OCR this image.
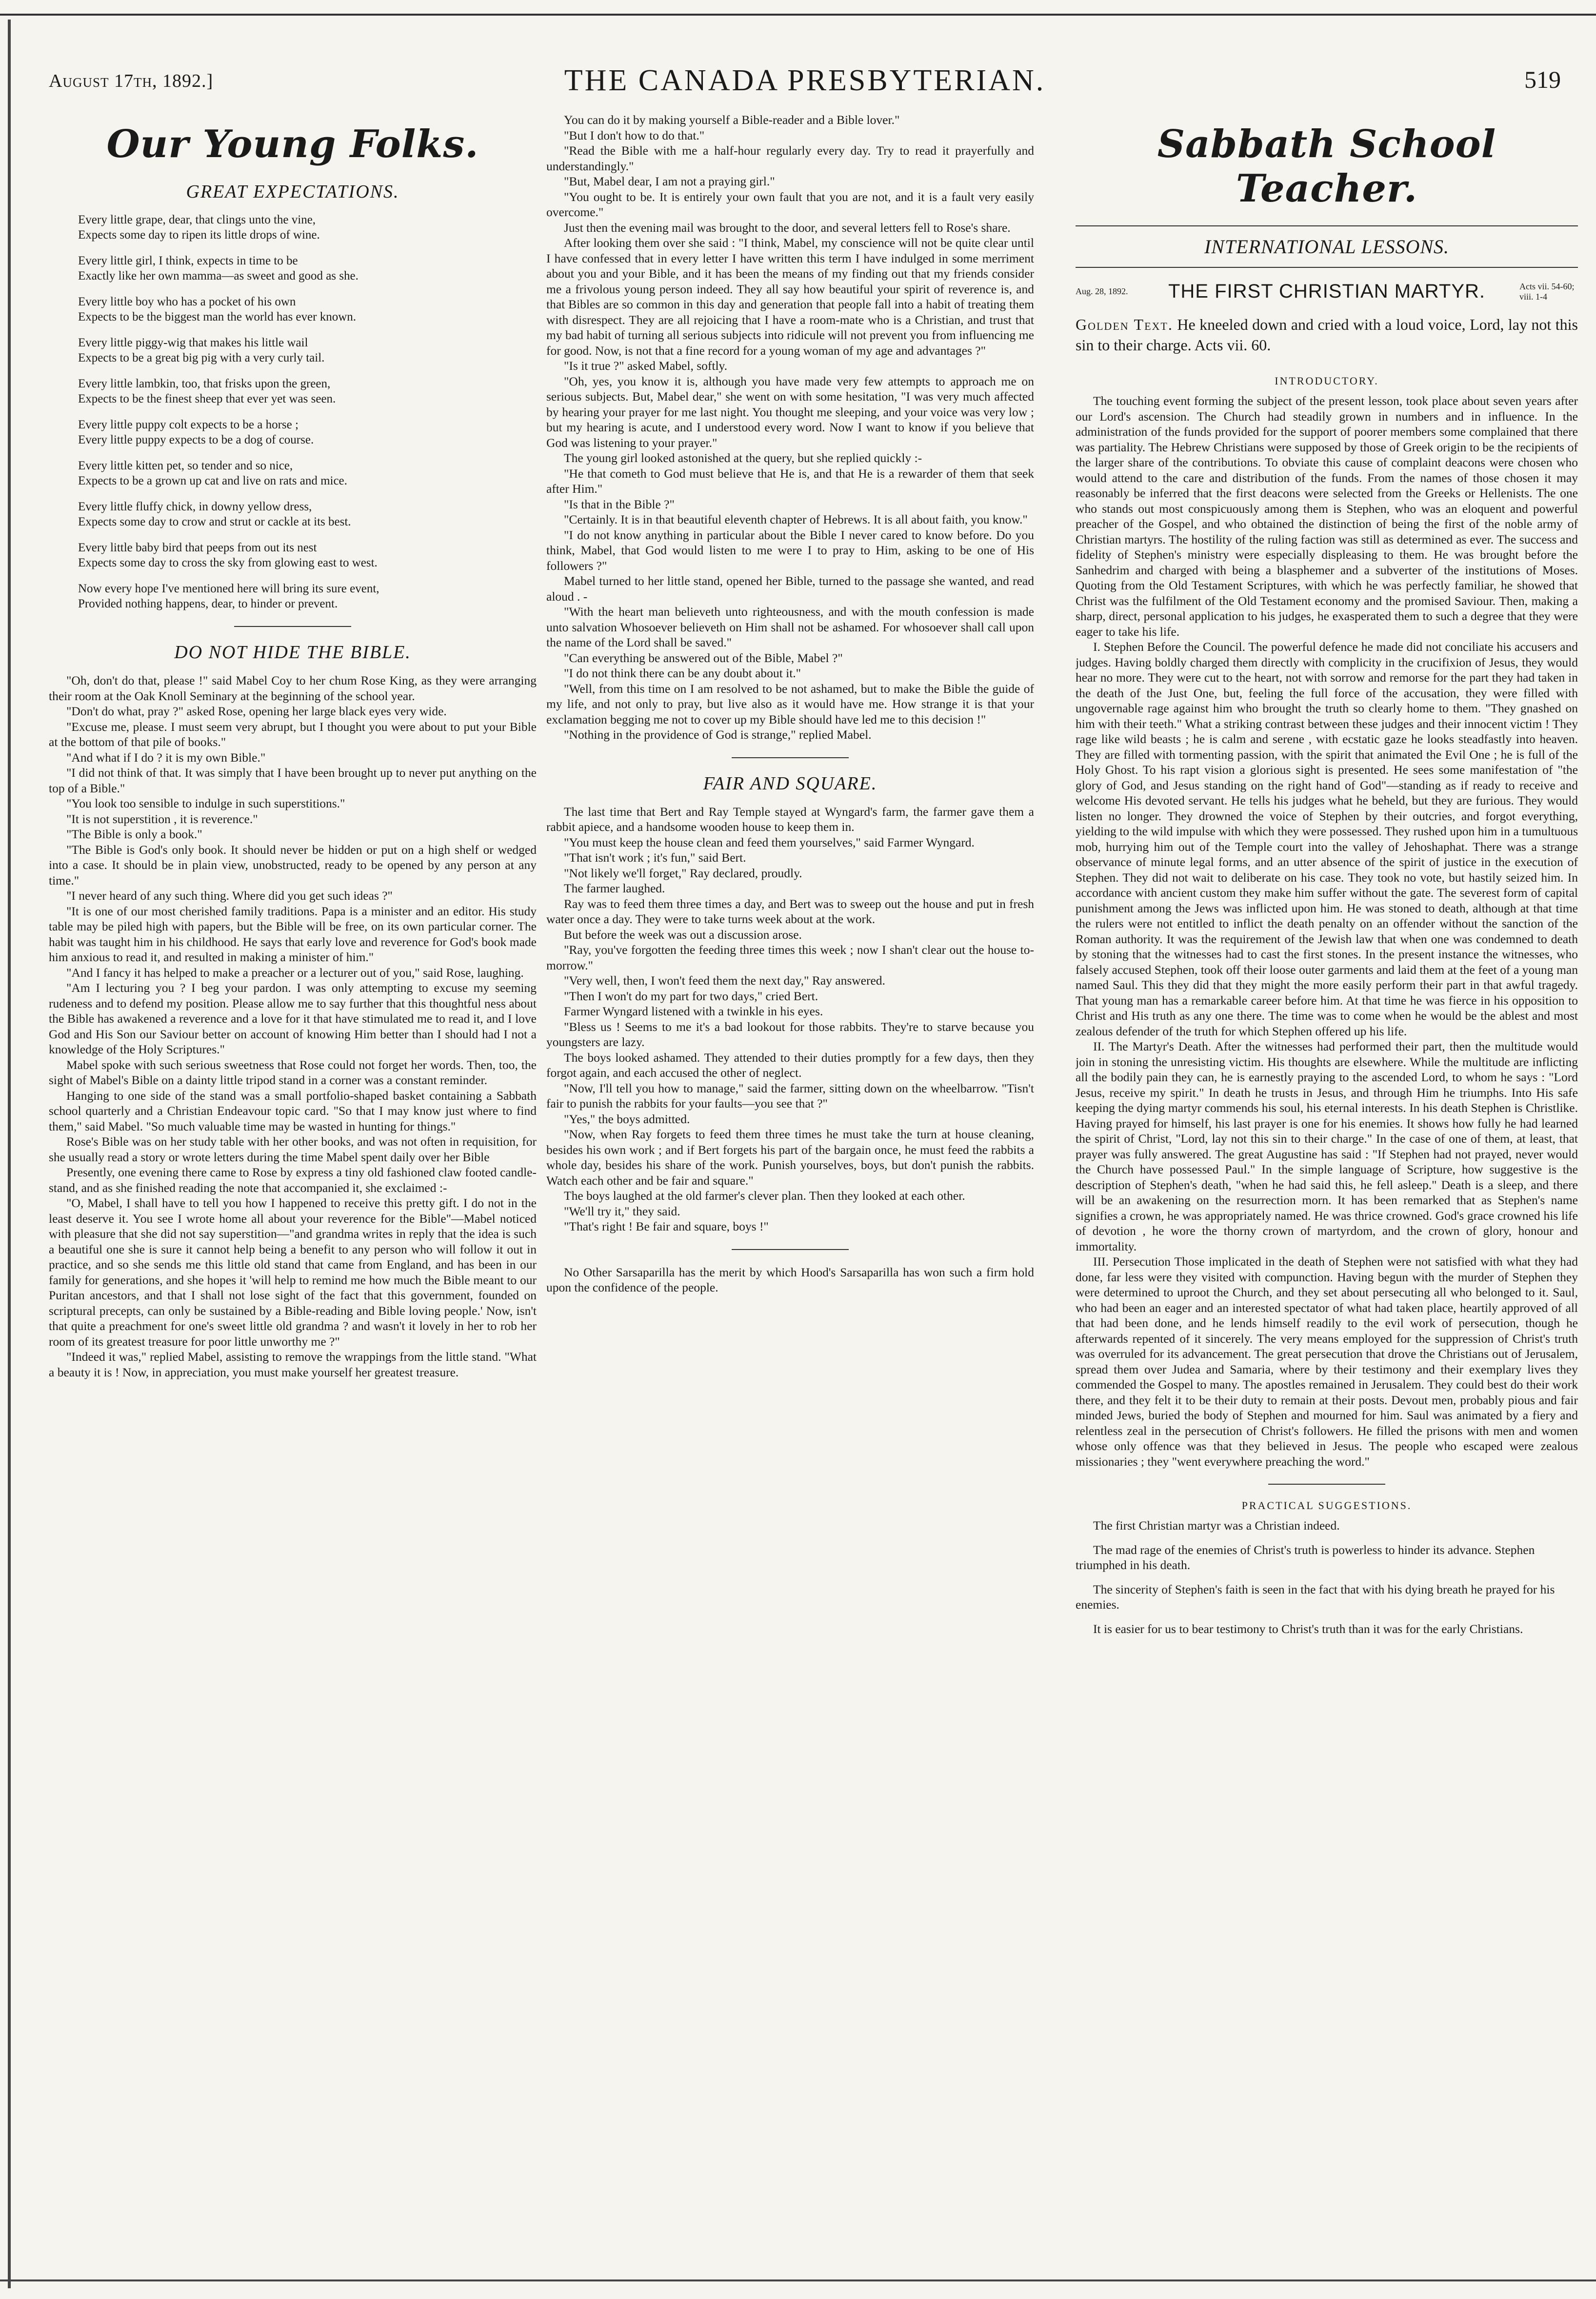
August 17th, 1892.]	THE CANADA PRESBYTERIAN.	519
Our Young Folks.
GREAT EXPECTATIONS.
Every little grape, dear, that clings unto the vine,
Expects some day to ripen its little drops of wine.
Every little girl, I think, expects in time to be
Exactly like her own mamma—as sweet and good as she.
Every little boy who has a pocket of his own
Expects to be the biggest man the world has ever known.
Every little piggy-wig that makes his little wail
Expects to be a great big pig with a very curly tail.
Every little lambkin, too, that frisks upon the green,
Expects to be the finest sheep that ever yet was seen.
Every little puppy colt expects to be a horse ;
Every little puppy expects to be a dog of course.
Every little kitten pet, so tender and so nice,
Expects to be a grown up cat and live on rats and mice.
Every little fluffy chick, in downy yellow dress,
Expects some day to crow and strut or cackle at its best.
Every little baby bird that peeps from out its nest
Expects some day to cross the sky from glowing east to west.
Now every hope I've mentioned here will bring its sure event,
Provided nothing happens, dear, to hinder or prevent.
DO NOT HIDE THE BIBLE.

"Oh, don't do that, please !" said Mabel Coy to her chum Rose King, as they were arranging their room at the Oak Knoll Seminary at the beginning of the school year.

"Don't do what, pray ?" asked Rose, opening her large black eyes very wide.

"Excuse me, please. I must seem very abrupt, but I thought you were about to put your Bible at the bottom of that pile of books."

"And what if I do ? it is my own Bible."

"I did not think of that. It was simply that I have been brought up to never put anything on the top of a Bible."

"You look too sensible to indulge in such superstitions."

"It is not superstition , it is reverence."

"The Bible is only a book."

"The Bible is God's only book. It should never be hidden or put on a high shelf or wedged into a case. It should be in plain view, unobstructed, ready to be opened by any person at any time."

"I never heard of any such thing. Where did you get such ideas ?"

"It is one of our most cherished family traditions. Papa is a minister and an editor. His study table may be piled high with papers, but the Bible will be free, on its own particular corner. The habit was taught him in his childhood. He says that early love and reverence for God's book made him anxious to read it, and resulted in making a minister of him."

"And I fancy it has helped to make a preacher or a lecturer out of you," said Rose, laughing.

"Am I lecturing you ? I beg your pardon. I was only attempting to excuse my seeming rudeness and to defend my position. Please allow me to say further that this thoughtful ness about the Bible has awakened a reverence and a love for it that have stimulated me to read it, and I love God and His Son our Saviour better on account of knowing Him better than I should had I not a knowledge of the Holy Scriptures."

Mabel spoke with such serious sweetness that Rose could not forget her words. Then, too, the sight of Mabel's Bible on a dainty little tripod stand in a corner was a constant reminder.

Hanging to one side of the stand was a small portfolio-shaped basket containing a Sabbath school quarterly and a Christian Endeavour topic card. "So that I may know just where to find them," said Mabel. "So much valuable time may be wasted in hunting for things."

Rose's Bible was on her study table with her other books, and was not often in requisition, for she usually read a story or wrote letters during the time Mabel spent daily over her Bible

Presently, one evening there came to Rose by express a tiny old fashioned claw footed candle-stand, and as she finished reading the note that accompanied it, she exclaimed :-

"O, Mabel, I shall have to tell you how I happened to receive this pretty gift. I do not in the least deserve it. You see I wrote home all about your reverence for the Bible"—Mabel noticed with pleasure that she did not say superstition—"and grandma writes in reply that the idea is such a beautiful one she is sure it cannot help being a benefit to any person who will follow it out in practice, and so she sends me this little old stand that came from England, and has been in our family for generations, and she hopes it 'will help to remind me how much the Bible meant to our Puritan ancestors, and that I shall not lose sight of the fact that this government, founded on scriptural precepts, can only be sustained by a Bible-reading and Bible loving people.' Now, isn't that quite a preachment for one's sweet little old grandma ? and wasn't it lovely in her to rob her room of its greatest treasure for poor little unworthy me ?"

"Indeed it was," replied Mabel, assisting to remove the wrappings from the little stand. "What a beauty it is ! Now, in appreciation, you must make yourself her greatest treasure.

You can do it by making yourself a Bible-reader and a Bible lover."

"But I don't how to do that."

"Read the Bible with me a half-hour regularly every day. Try to read it prayerfully and understandingly."

"But, Mabel dear, I am not a praying girl."

"You ought to be. It is entirely your own fault that you are not, and it is a fault very easily overcome."

Just then the evening mail was brought to the door, and several letters fell to Rose's share.

After looking them over she said : "I think, Mabel, my conscience will not be quite clear until I have confessed that in every letter I have written this term I have indulged in some merriment about you and your Bible, and it has been the means of my finding out that my friends consider me a frivolous young person indeed. They all say how beautiful your spirit of reverence is, and that Bibles are so common in this day and generation that people fall into a habit of treating them with disrespect. They are all rejoicing that I have a room-mate who is a Christian, and trust that my bad habit of turning all serious subjects into ridicule will not prevent you from influencing me for good. Now, is not that a fine record for a young woman of my age and advantages ?"

"Is it true ?" asked Mabel, softly.

"Oh, yes, you know it is, although you have made very few attempts to approach me on serious subjects. But, Mabel dear," she went on with some hesitation, "I was very much affected by hearing your prayer for me last night. You thought me sleeping, and your voice was very low ; but my hearing is acute, and I understood every word. Now I want to know if you believe that God was listening to your prayer."

The young girl looked astonished at the query, but she replied quickly :-

"He that cometh to God must believe that He is, and that He is a rewarder of them that seek after Him."

"Is that in the Bible ?"

"Certainly. It is in that beautiful eleventh chapter of Hebrews. It is all about faith, you know."

"I do not know anything in particular about the Bible I never cared to know before. Do you think, Mabel, that God would listen to me were I to pray to Him, asking to be one of His followers ?"

Mabel turned to her little stand, opened her Bible, turned to the passage she wanted, and read aloud . -

"With the heart man believeth unto righteousness, and with the mouth confession is made unto salvation Whosoever believeth on Him shall not be ashamed. For whosoever shall call upon the name of the Lord shall be saved."

"Can everything be answered out of the Bible, Mabel ?"

"I do not think there can be any doubt about it."

"Well, from this time on I am resolved to be not ashamed, but to make the Bible the guide of my life, and not only to pray, but live also as it would have me. How strange it is that your exclamation begging me not to cover up my Bible should have led me to this decision !"

"Nothing in the providence of God is strange," replied Mabel.

FAIR AND SQUARE.

The last time that Bert and Ray Temple stayed at Wyngard's farm, the farmer gave them a rabbit apiece, and a handsome wooden house to keep them in.

"You must keep the house clean and feed them yourselves," said Farmer Wyngard.

"That isn't work ; it's fun," said Bert.

"Not likely we'll forget," Ray declared, proudly.

The farmer laughed.

Ray was to feed them three times a day, and Bert was to sweep out the house and put in fresh water once a day. They were to take turns week about at the work.

But before the week was out a discussion arose.

"Ray, you've forgotten the feeding three times this week ; now I shan't clear out the house to-morrow."

"Very well, then, I won't feed them the next day," Ray answered.

"Then I won't do my part for two days," cried Bert.

Farmer Wyngard listened with a twinkle in his eyes.

"Bless us ! Seems to me it's a bad lookout for those rabbits. They're to starve because you youngsters are lazy.

The boys looked ashamed. They attended to their duties promptly for a few days, then they forgot again, and each accused the other of neglect.

"Now, I'll tell you how to manage," said the farmer, sitting down on the wheelbarrow. "Tisn't fair to punish the rabbits for your faults—you see that ?"

"Yes," the boys admitted.

"Now, when Ray forgets to feed them three times he must take the turn at house cleaning, besides his own work ; and if Bert forgets his part of the bargain once, he must feed the rabbits a whole day, besides his share of the work. Punish yourselves, boys, but don't punish the rabbits. Watch each other and be fair and square."

The boys laughed at the old farmer's clever plan. Then they looked at each other.

"We'll try it," they said.

"That's right ! Be fair and square, boys !"

No Other Sarsaparilla has the merit by which Hood's Sarsaparilla has won such a firm hold upon the confidence of the people.

Sabbath School Teacher.
INTERNATIONAL LESSONS.
Aug. 28, 1892.	THE FIRST CHRISTIAN MARTYR.	Acts vii. 54-60; viii. 1-4
Golden Text. He kneeled down and cried with a loud voice, Lord, lay not this sin to their charge. Acts vii. 60.
INTRODUCTORY.

The touching event forming the subject of the present lesson, took place about seven years after our Lord's ascension. The Church had steadily grown in numbers and in influence. In the administration of the funds provided for the support of poorer members some complained that there was partiality. The Hebrew Christians were supposed by those of Greek origin to be the recipients of the larger share of the contributions. To obviate this cause of complaint deacons were chosen who would attend to the care and distribution of the funds. From the names of those chosen it may reasonably be inferred that the first deacons were selected from the Greeks or Hellenists. The one who stands out most conspicuously among them is Stephen, who was an eloquent and powerful preacher of the Gospel, and who obtained the distinction of being the first of the noble army of Christian martyrs. The hostility of the ruling faction was still as determined as ever. The success and fidelity of Stephen's ministry were especially displeasing to them. He was brought before the Sanhedrim and charged with being a blasphemer and a subverter of the institutions of Moses. Quoting from the Old Testament Scriptures, with which he was perfectly familiar, he showed that Christ was the fulfilment of the Old Testament economy and the promised Saviour. Then, making a sharp, direct, personal application to his judges, he exasperated them to such a degree that they were eager to take his life.

I. Stephen Before the Council. The powerful defence he made did not conciliate his accusers and judges. Having boldly charged them directly with complicity in the crucifixion of Jesus, they would hear no more. They were cut to the heart, not with sorrow and remorse for the part they had taken in the death of the Just One, but, feeling the full force of the accusation, they were filled with ungovernable rage against him who brought the truth so clearly home to them. "They gnashed on him with their teeth." What a striking contrast between these judges and their innocent victim ! They rage like wild beasts ; he is calm and serene , with ecstatic gaze he looks steadfastly into heaven. They are filled with tormenting passion, with the spirit that animated the Evil One ; he is full of the Holy Ghost. To his rapt vision a glorious sight is presented. He sees some manifestation of "the glory of God, and Jesus standing on the right hand of God"—standing as if ready to receive and welcome His devoted servant. He tells his judges what he beheld, but they are furious. They would listen no longer. They drowned the voice of Stephen by their outcries, and forgot everything, yielding to the wild impulse with which they were possessed. They rushed upon him in a tumultuous mob, hurrying him out of the Temple court into the valley of Jehoshaphat. There was a strange observance of minute legal forms, and an utter absence of the spirit of justice in the execution of Stephen. They did not wait to deliberate on his case. They took no vote, but hastily seized him. In accordance with ancient custom they make him suffer without the gate. The severest form of capital punishment among the Jews was inflicted upon him. He was stoned to death, although at that time the rulers were not entitled to inflict the death penalty on an offender without the sanction of the Roman authority. It was the requirement of the Jewish law that when one was condemned to death by stoning that the witnesses had to cast the first stones. In the present instance the witnesses, who falsely accused Stephen, took off their loose outer garments and laid them at the feet of a young man named Saul. This they did that they might the more easily perform their part in that awful tragedy. That young man has a remarkable career before him. At that time he was fierce in his opposition to Christ and His truth as any one there. The time was to come when he would be the ablest and most zealous defender of the truth for which Stephen offered up his life.

II. The Martyr's Death. After the witnesses had performed their part, then the multitude would join in stoning the unresisting victim. His thoughts are elsewhere. While the multitude are inflicting all the bodily pain they can, he is earnestly praying to the ascended Lord, to whom he says : "Lord Jesus, receive my spirit." In death he trusts in Jesus, and through Him he triumphs. Into His safe keeping the dying martyr commends his soul, his eternal interests. In his death Stephen is Christlike. Having prayed for himself, his last prayer is one for his enemies. It shows how fully he had learned the spirit of Christ, "Lord, lay not this sin to their charge." In the case of one of them, at least, that prayer was fully answered. The great Augustine has said : "If Stephen had not prayed, never would the Church have possessed Paul." In the simple language of Scripture, how suggestive is the description of Stephen's death, "when he had said this, he fell asleep." Death is a sleep, and there will be an awakening on the resurrection morn. It has been remarked that as Stephen's name signifies a crown, he was appropriately named. He was thrice crowned. God's grace crowned his life of devotion , he wore the thorny crown of martyrdom, and the crown of glory, honour and immortality.

III. Persecution Those implicated in the death of Stephen were not satisfied with what they had done, far less were they visited with compunction. Having begun with the murder of Stephen they were determined to uproot the Church, and they set about persecuting all who belonged to it. Saul, who had been an eager and an interested spectator of what had taken place, heartily approved of all that had been done, and he lends himself readily to the evil work of persecution, though he afterwards repented of it sincerely. The very means employed for the suppression of Christ's truth was overruled for its advancement. The great persecution that drove the Christians out of Jerusalem, spread them over Judea and Samaria, where by their testimony and their exemplary lives they commended the Gospel to many. The apostles remained in Jerusalem. They could best do their work there, and they felt it to be their duty to remain at their posts. Devout men, probably pious and fair minded Jews, buried the body of Stephen and mourned for him. Saul was animated by a fiery and relentless zeal in the persecution of Christ's followers. He filled the prisons with men and women whose only offence was that they believed in Jesus. The people who escaped were zealous missionaries ; they "went everywhere preaching the word."

PRACTICAL SUGGESTIONS.

The first Christian martyr was a Christian indeed.

The mad rage of the enemies of Christ's truth is powerless to hinder its advance. Stephen triumphed in his death.

The sincerity of Stephen's faith is seen in the fact that with his dying breath he prayed for his enemies.

It is easier for us to bear testimony to Christ's truth than it was for the early Christians.
